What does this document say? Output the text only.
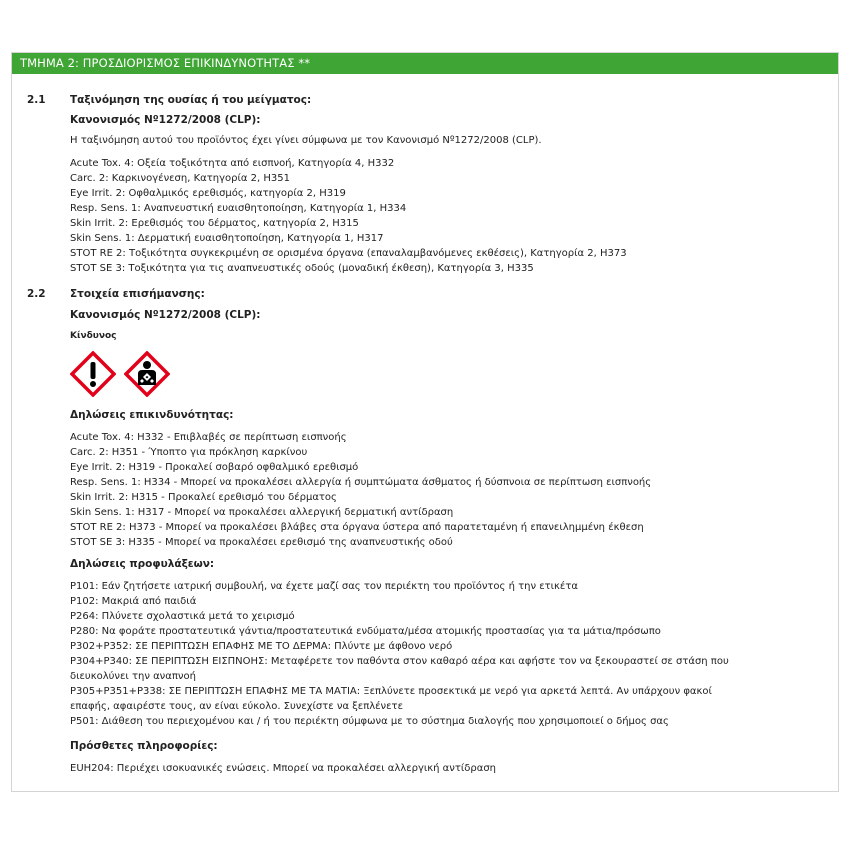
ΤΜΗΜΑ 2: ΠΡΟΣΔΙΟΡΙΣΜΟΣ ΕΠΙΚΙΝΔΥΝΟΤΗΤΑΣ **
2.1 Ταξινόμηση της ουσίας ή του μείγματος:
Κανονισμός Nº1272/2008 (CLP):
Η ταξινόμηση αυτού του προϊόντος έχει γίνει σύμφωνα με τον Κανονισμό Nº1272/2008 (CLP).
Acute Tox. 4: Οξεία τοξικότητα από εισπνοή, Κατηγορία 4, H332
Carc. 2: Καρκινογένεση, Κατηγορία 2, H351
Eye Irrit. 2: Οφθαλμικός ερεθισμός, κατηγορία 2, H319
Resp. Sens. 1: Αναπνευστική ευαισθητοποίηση, Κατηγορία 1, H334
Skin Irrit. 2: Ερεθισμός του δέρματος, κατηγορία 2, H315
Skin Sens. 1: Δερματική ευαισθητοποίηση, Κατηγορία 1, H317
STOT RE 2: Τοξικότητα συγκεκριμένη σε ορισμένα όργανα (επαναλαμβανόμενες εκθέσεις), Κατηγορία 2, H373
STOT SE 3: Τοξικότητα για τις αναπνευστικές οδούς (μοναδική έκθεση), Κατηγορία 3, H335
2.2 Στοιχεία επισήμανσης:
Κανονισμός Nº1272/2008 (CLP):
Κίνδυνος
Δηλώσεις επικινδυνότητας:
Acute Tox. 4: H332 - Επιβλαβές σε περίπτωση εισπνοής
Carc. 2: H351 - Ύποπτο για πρόκληση καρκίνου
Eye Irrit. 2: H319 - Προκαλεί σοβαρό οφθαλμικό ερεθισμό
Resp. Sens. 1: H334 - Μπορεί να προκαλέσει αλλεργία ή συμπτώματα άσθματος ή δύσπνοια σε περίπτωση εισπνοής
Skin Irrit. 2: H315 - Προκαλεί ερεθισμό του δέρματος
Skin Sens. 1: H317 - Μπορεί να προκαλέσει αλλεργική δερματική αντίδραση
STOT RE 2: H373 - Μπορεί να προκαλέσει βλάβες στα όργανα ύστερα από παρατεταμένη ή επανειλημμένη έκθεση
STOT SE 3: H335 - Μπορεί να προκαλέσει ερεθισμό της αναπνευστικής οδού
Δηλώσεις προφυλάξεων:
P101: Εάν ζητήσετε ιατρική συμβουλή, να έχετε μαζί σας τον περιέκτη του προϊόντος ή την ετικέτα
P102: Μακριά από παιδιά
P264: Πλύνετε σχολαστικά μετά το χειρισμό
P280: Να φοράτε προστατευτικά γάντια/προστατευτικά ενδύματα/μέσα ατομικής προστασίας για τα μάτια/πρόσωπο
P302+P352: ΣΕ ΠΕΡΙΠΤΩΣΗ ΕΠΑΦΗΣ ΜΕ ΤΟ ΔΕΡΜΑ: Πλύντε με άφθονο νερό
P304+P340: ΣΕ ΠΕΡΙΠΤΩΣΗ ΕΙΣΠΝΟΗΣ: Μεταφέρετε τον παθόντα στον καθαρό αέρα και αφήστε τον να ξεκουραστεί σε στάση που
διευκολύνει την αναπνοή
P305+P351+P338: ΣΕ ΠΕΡΙΠΤΩΣΗ ΕΠΑΦΗΣ ΜΕ ΤΑ ΜΑΤΙΑ: Ξεπλύνετε προσεκτικά με νερό για αρκετά λεπτά. Αν υπάρχουν φακοί
επαφής, αφαιρέστε τους, αν είναι εύκολο. Συνεχίστε να ξεπλένετε
P501: Διάθεση του περιεχομένου και / ή του περιέκτη σύμφωνα με το σύστημα διαλογής που χρησιμοποιεί ο δήμος σας
Πρόσθετες πληροφορίες:
EUH204: Περιέχει ισοκυανικές ενώσεις. Μπορεί να προκαλέσει αλλεργική αντίδραση
